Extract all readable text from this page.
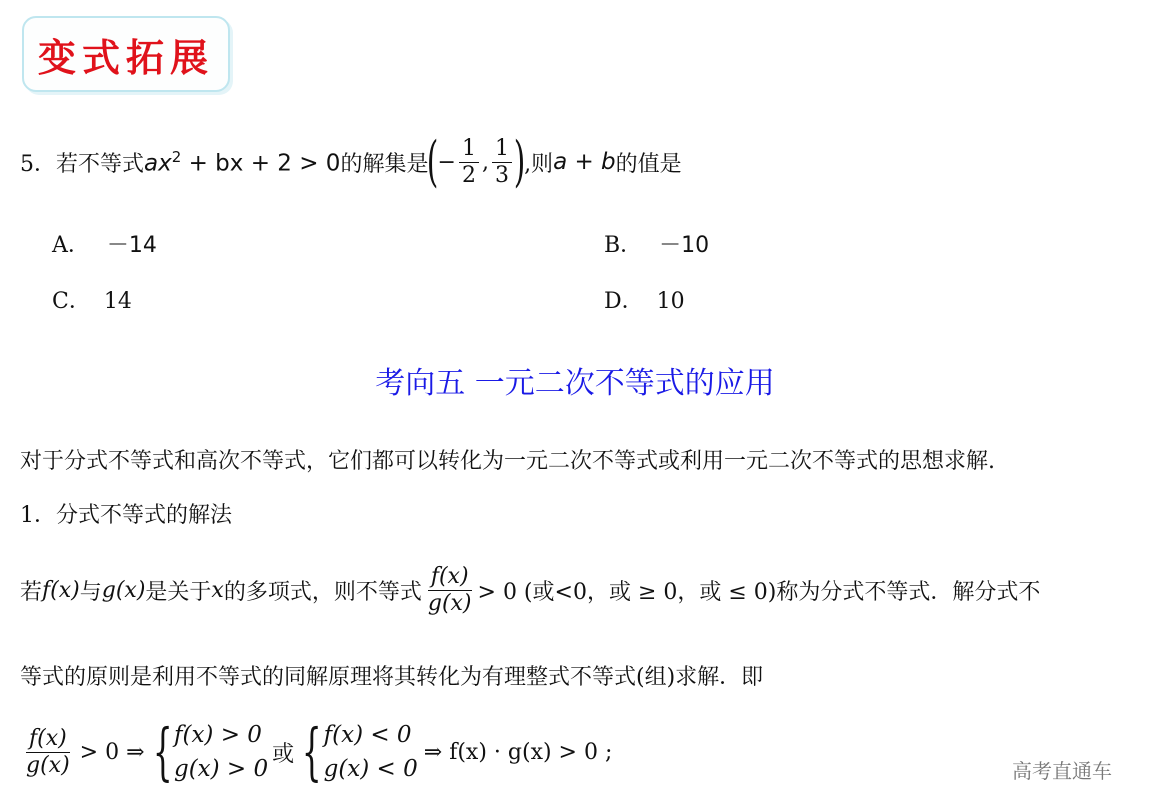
变式拓展
5． 若不等式 $ax^2$ + bx + 2 > 0 的解集是
(
− $\frac{1}{2}$ , $\frac{1}{3}$ )
,则 a + b 的值是
A． －14	B． －10
C． 14	D． 10
考向五 一元二次不等式的应用
对于分式不等式和高次不等式，它们都可以转化为一元二次不等式或利用一元二次不等式的思想求解.
1．分式不等式的解法
若 f(x) 与 g(x) 是关于 x 的多项式，则不等式 $\frac{f(x)}{g(x)} > 0$ (或<0，或 ≥ 0，或 ≤ 0)称为分式不等式．解分式不
等式的原则是利用不等式的同解原理将其转化为有理整式不等式(组)求解．即
$\frac{f(x)}{g(x)} > 0$ ⇒ { f(x) > 0
g(x) > 0
或 { f(x) < 0
g(x) < 0
⇒ f(x) · g(x) > 0 ;
高考直通车
